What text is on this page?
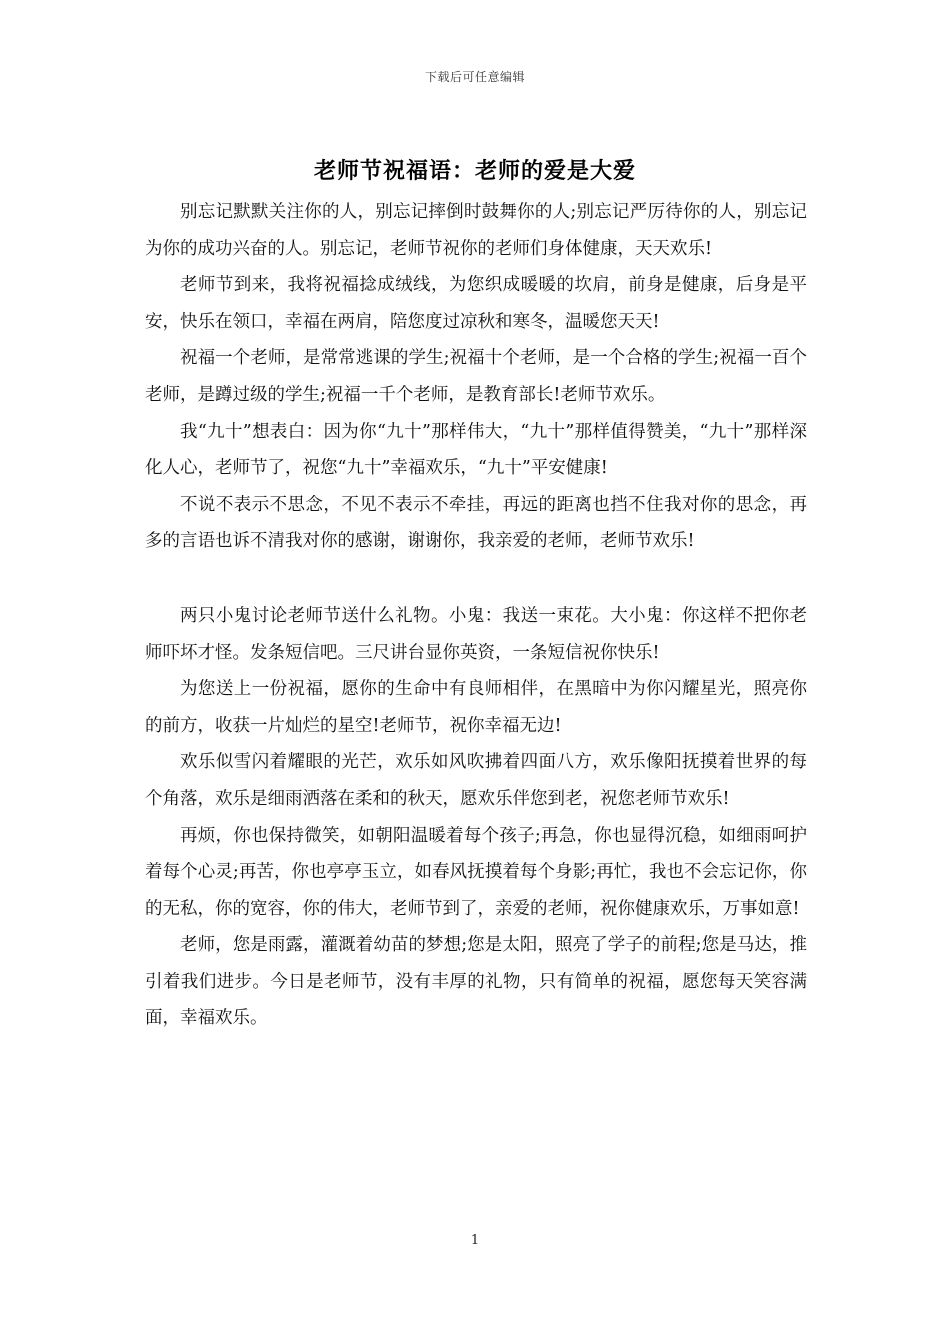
下载后可任意编辑
老师节祝福语：老师的爱是大爱

别忘记默默关注你的人，别忘记摔倒时鼓舞你的人;别忘记严厉待你的人，别忘记为你的成功兴奋的人。别忘记，老师节祝你的老师们身体健康，天天欢乐!

老师节到来，我将祝福捻成绒线，为您织成暖暖的坎肩，前身是健康，后身是平安，快乐在领口，幸福在两肩，陪您度过凉秋和寒冬，温暖您天天!

祝福一个老师，是常常逃课的学生;祝福十个老师，是一个合格的学生;祝福一百个老师，是蹲过级的学生;祝福一千个老师，是教育部长!老师节欢乐。

我“九十”想表白：因为你“九十”那样伟大，“九十”那样值得赞美，“九十”那样深化人心，老师节了，祝您“九十”幸福欢乐，“九十”平安健康!

不说不表示不思念，不见不表示不牵挂，再远的距离也挡不住我对你的思念，再多的言语也诉不清我对你的感谢，谢谢你，我亲爱的老师，老师节欢乐!

两只小鬼讨论老师节送什么礼物。小鬼：我送一束花。大小鬼：你这样不把你老师吓坏才怪。发条短信吧。三尺讲台显你英资，一条短信祝你快乐!

为您送上一份祝福，愿你的生命中有良师相伴，在黑暗中为你闪耀星光，照亮你的前方，收获一片灿烂的星空!老师节，祝你幸福无边!

欢乐似雪闪着耀眼的光芒，欢乐如风吹拂着四面八方，欢乐像阳抚摸着世界的每个角落，欢乐是细雨洒落在柔和的秋天，愿欢乐伴您到老，祝您老师节欢乐!

再烦，你也保持微笑，如朝阳温暖着每个孩子;再急，你也显得沉稳，如细雨呵护着每个心灵;再苦，你也亭亭玉立，如春风抚摸着每个身影;再忙，我也不会忘记你，你的无私，你的宽容，你的伟大，老师节到了，亲爱的老师，祝你健康欢乐，万事如意!

老师，您是雨露，灌溉着幼苗的梦想;您是太阳，照亮了学子的前程;您是马达，推引着我们进步。今日是老师节，没有丰厚的礼物，只有简单的祝福，愿您每天笑容满面，幸福欢乐。

1
